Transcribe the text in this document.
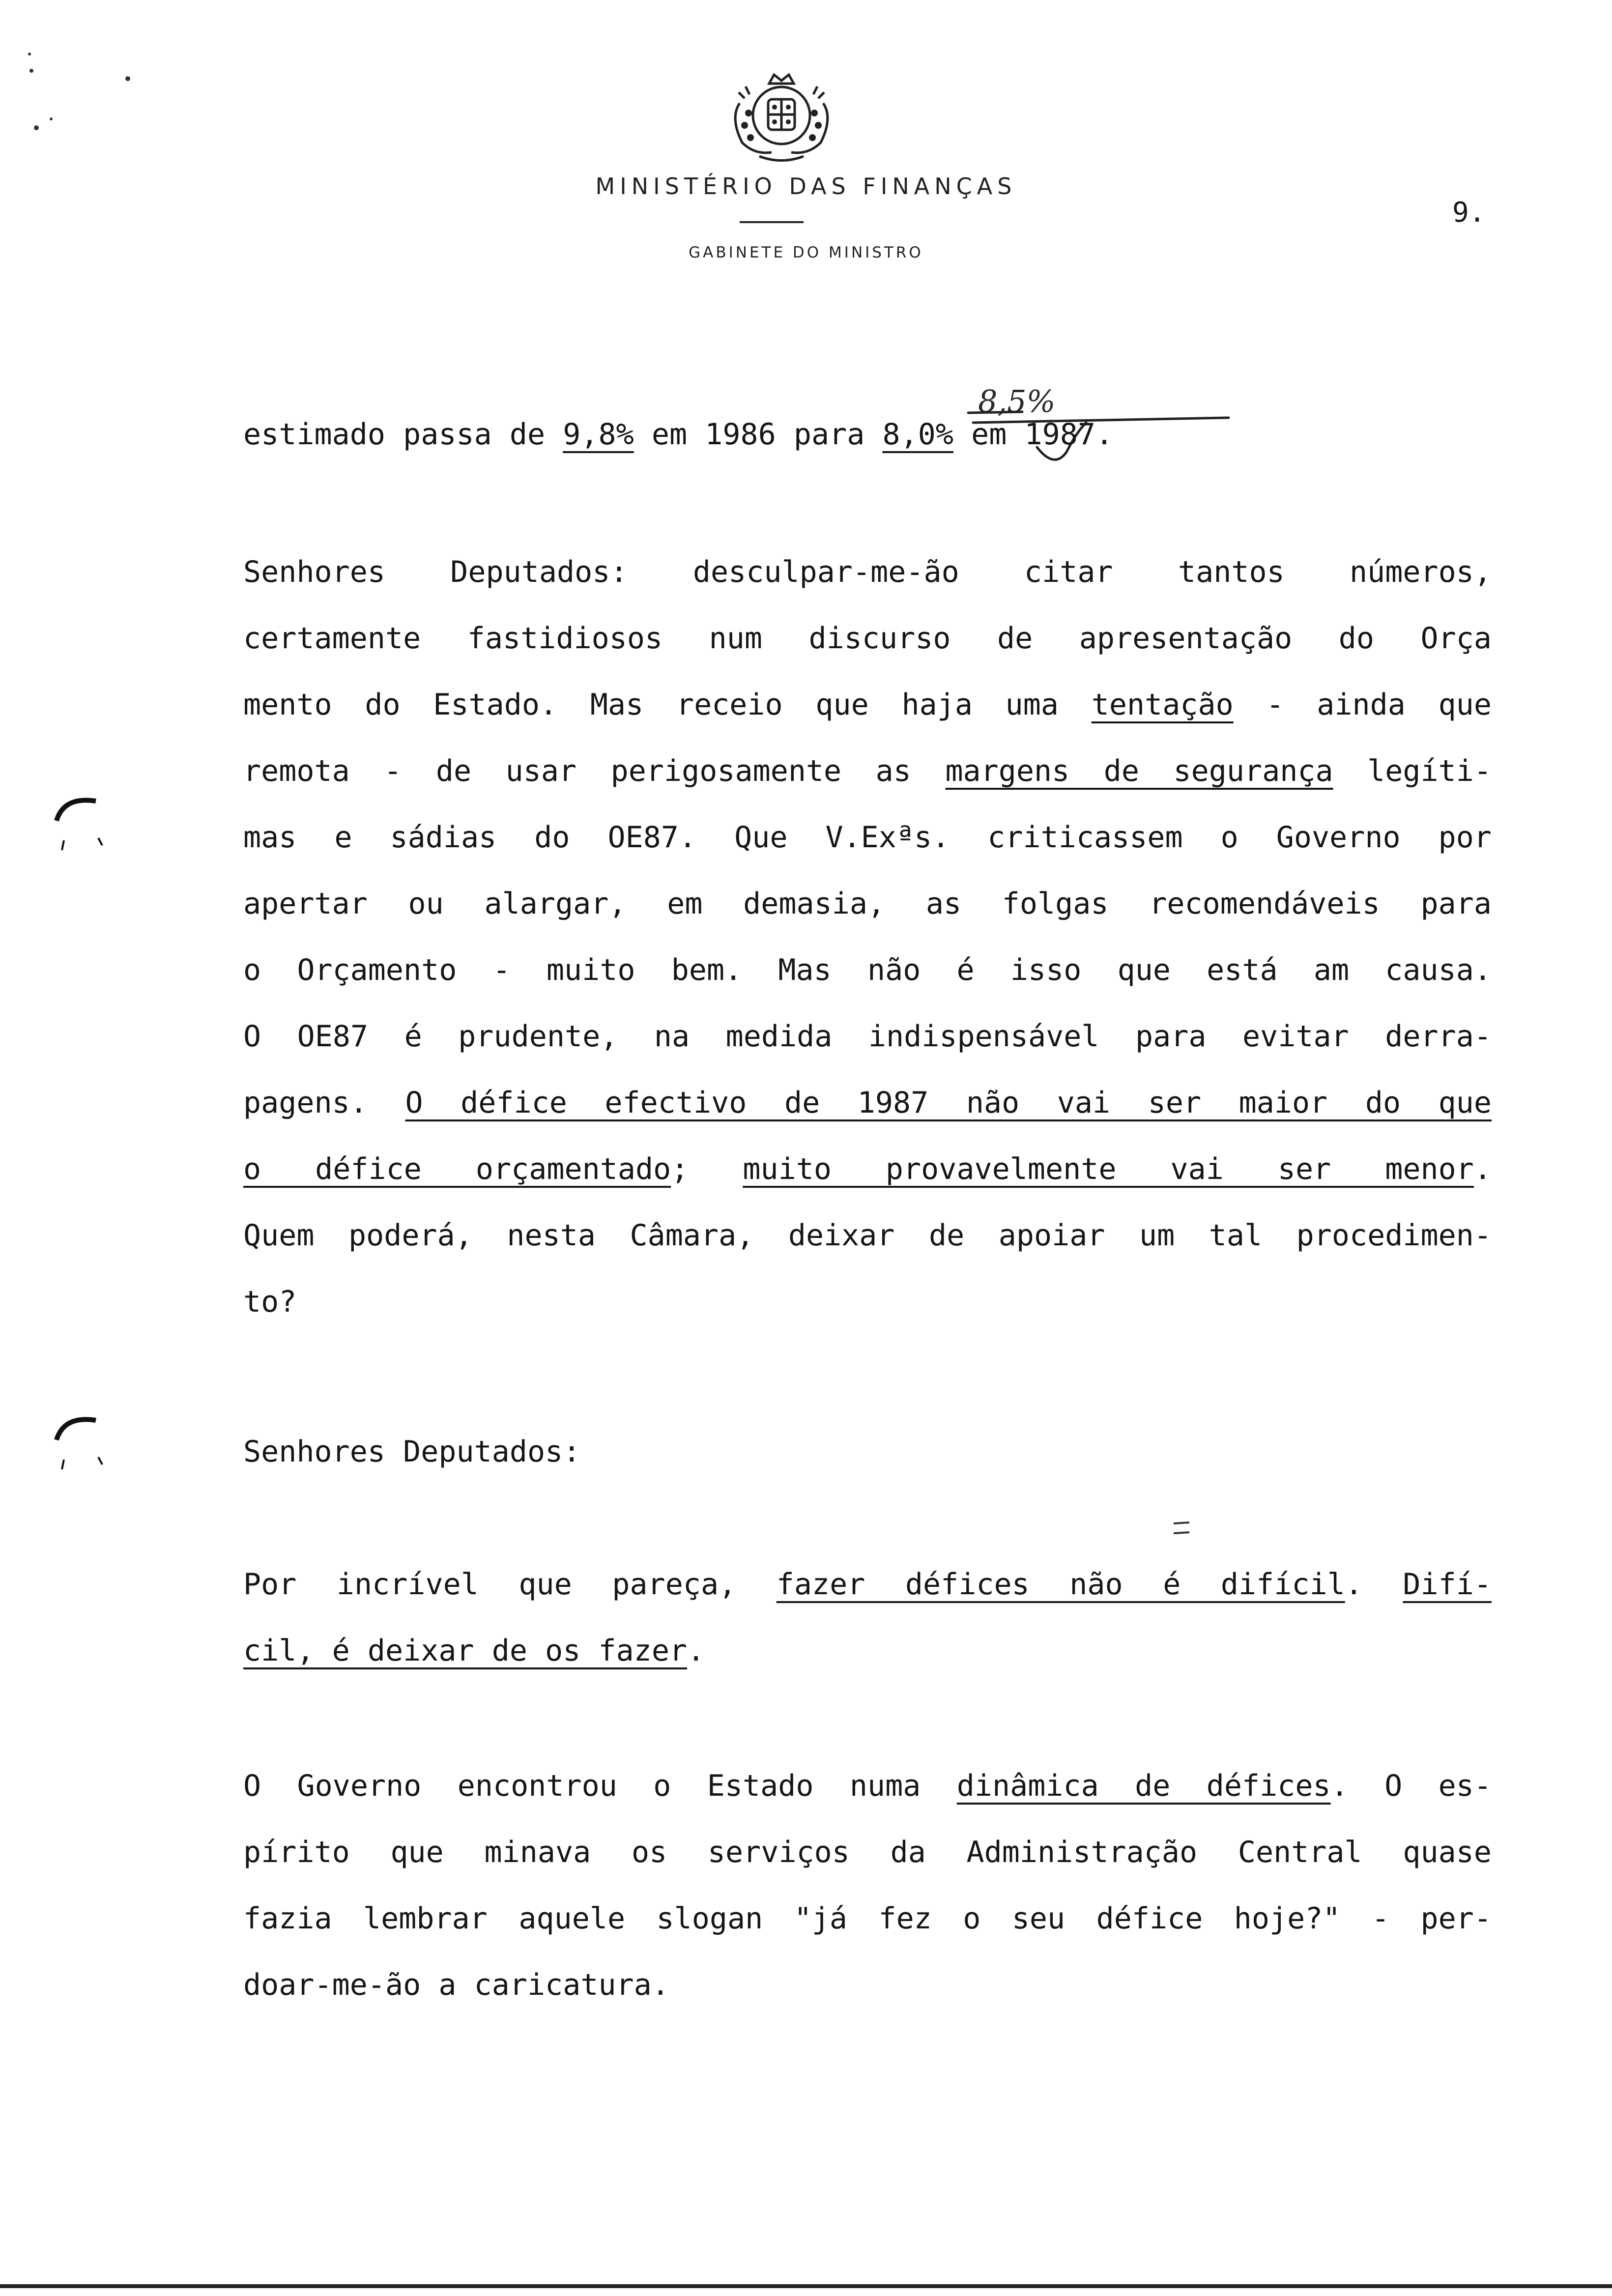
MINISTÉRIO DAS FINANÇAS
GABINETE DO MINISTRO
9.
8,5%
estimado passa de 9,8% em 1986 para 8,0% em 1987.
Senhores Deputados: desculpar-me-ão citar tantos números,
certamente fastidiosos num discurso de apresentação do Orça
mento do Estado. Mas receio que haja uma tentação - ainda que
remota - de usar perigosamente as margens de segurança legíti-
mas e sádias do OE87. Que V.Exªs. criticassem o Governo por
apertar ou alargar, em demasia, as folgas recomendáveis para
o Orçamento - muito bem. Mas não é isso que está am causa.
O OE87 é prudente, na medida indispensável para evitar derra-
pagens. O défice efectivo de 1987 não vai ser maior do que
o défice orçamentado; muito provavelmente vai ser menor.
Quem poderá, nesta Câmara, deixar de apoiar um tal procedimen-
to?
Senhores Deputados:
Por incrível que pareça, fazer défices não é difícil. Difí-
cil, é deixar de os fazer.
O Governo encontrou o Estado numa dinâmica de défices. O es-
pírito que minava os serviços da Administração Central quase
fazia lembrar aquele slogan "já fez o seu défice hoje?" - per-
doar-me-ão a caricatura.
